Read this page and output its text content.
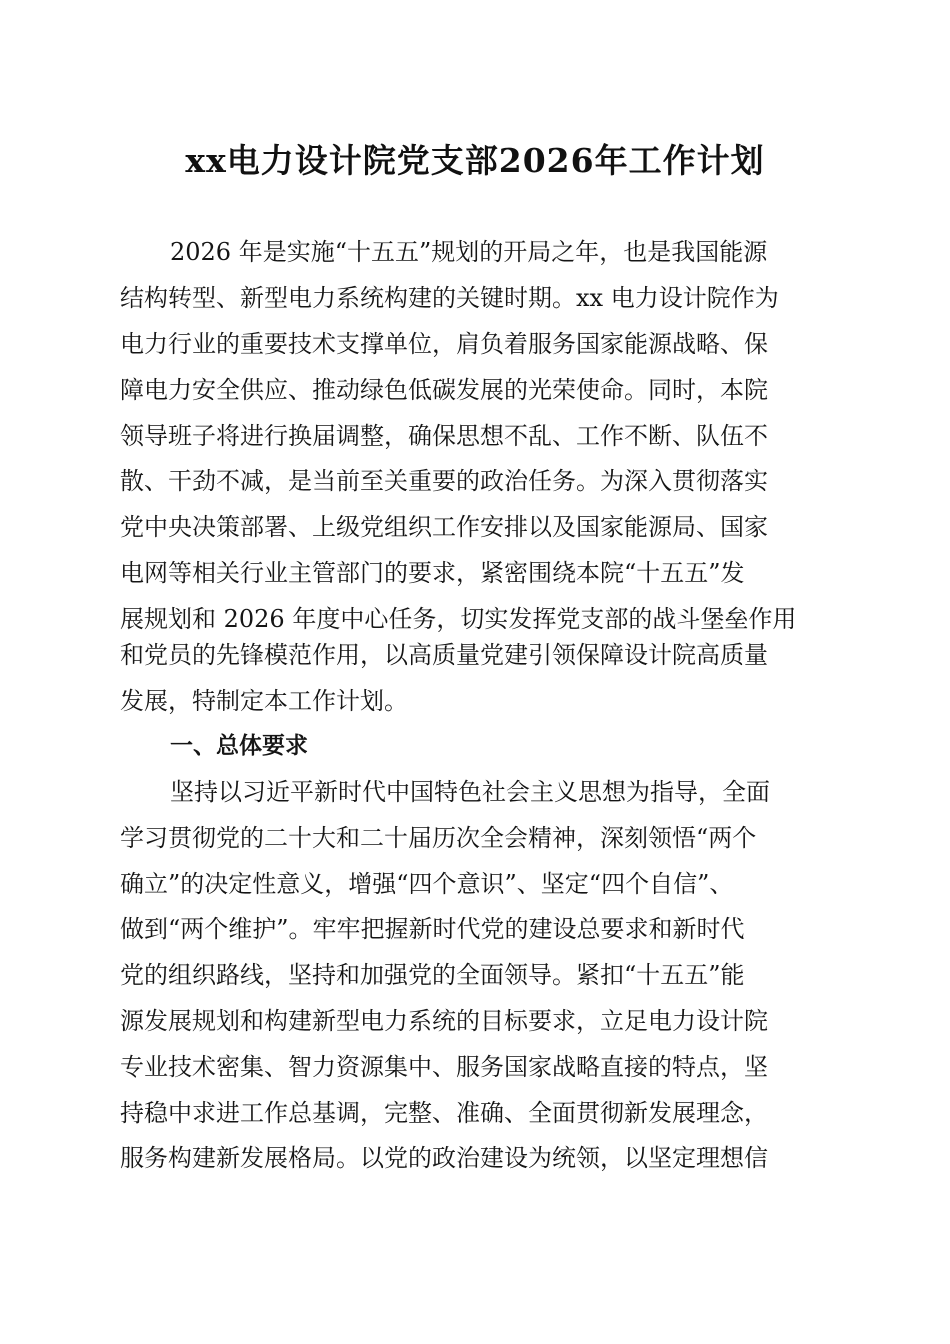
xx电力设计院党支部2026年工作计划

2026 年是实施“十五五”规划的开局之年，也是我国能源

结构转型、新型电力系统构建的关键时期。xx 电力设计院作为

电力行业的重要技术支撑单位，肩负着服务国家能源战略、保

障电力安全供应、推动绿色低碳发展的光荣使命。同时，本院

领导班子将进行换届调整，确保思想不乱、工作不断、队伍不

散、干劲不减，是当前至关重要的政治任务。为深入贯彻落实

党中央决策部署、上级党组织工作安排以及国家能源局、国家

电网等相关行业主管部门的要求，紧密围绕本院“十五五”发

展规划和 2026 年度中心任务，切实发挥党支部的战斗堡垒作用

和党员的先锋模范作用，以高质量党建引领保障设计院高质量

发展，特制定本工作计划。

一、总体要求

坚持以习近平新时代中国特色社会主义思想为指导，全面

学习贯彻党的二十大和二十届历次全会精神，深刻领悟“两个

确立”的决定性意义，增强“四个意识”、坚定“四个自信”、

做到“两个维护”。牢牢把握新时代党的建设总要求和新时代

党的组织路线，坚持和加强党的全面领导。紧扣“十五五”能

源发展规划和构建新型电力系统的目标要求，立足电力设计院

专业技术密集、智力资源集中、服务国家战略直接的特点，坚

持稳中求进工作总基调，完整、准确、全面贯彻新发展理念，

服务构建新发展格局。以党的政治建设为统领，以坚定理想信
